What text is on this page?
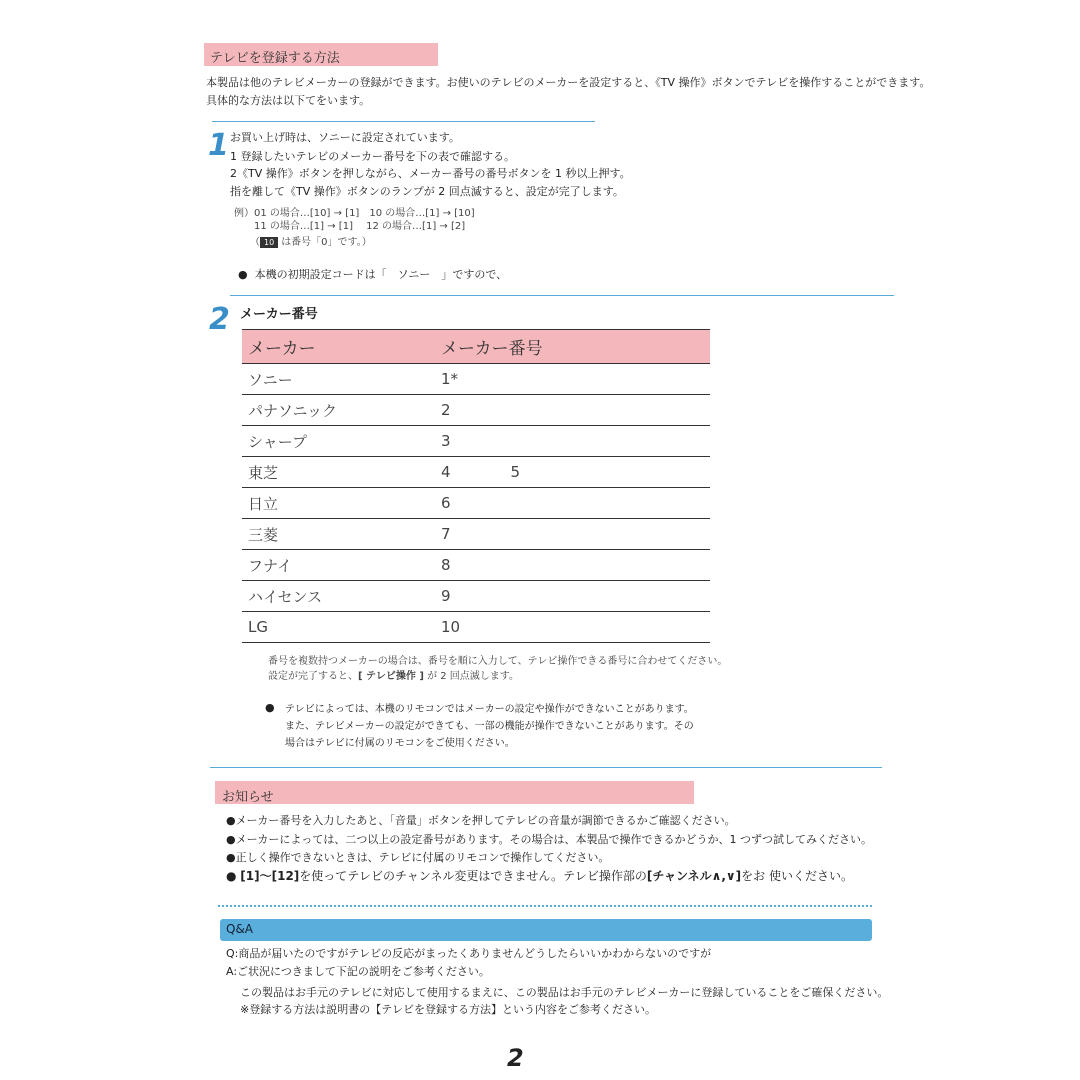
テレビを登録する方法
本製品は他のテレビメーカーの登録ができます。お使いのテレビのメーカーを設定すると、《TV 操作》ボタンでテレビを操作することができます。
具体的な方法は以下てをいます。
1 お買い上げ時は、ソニーに設定されています。
1 登録したいテレビのメーカー番号を下の表で確認する。
2《TV 操作》ボタンを押しながら、メーカー番号の番号ボタンを 1 秒以上押す。
指を離して《TV 操作》ボタンのランプが 2 回点滅すると、設定が完了します。
例）01 の場合…[10] → [1]　10 の場合…[1] → [10]
　　11 の場合…[1] → [1]　 12 の場合…[1] → [2]
（ 10 は番号「0」です。）
●  本機の初期設定コードは「　ソニー　」ですので、
2 メーカー番号
メーカー	メーカー番号
ソニー	1*
パナソニック	2
シャープ	3
東芝	4 5
日立	6
三菱	7
フナイ	8
ハイセンス	9
LG	10
番号を複数持つメーカーの場合は、番号を順に入力して、テレビ操作できる番号に合わせてください。
設定が完了すると、[ テレビ操作 ] が 2 回点滅します。
● テレビによっては、本機のリモコンではメーカーの設定や操作ができないことがあります。
また、テレビメーカーの設定ができても、一部の機能が操作できないことがあります。その
場合はテレビに付属のリモコンをご使用ください。
お知らせ
●メーカー番号を入力したあと、「音量」ボタンを押してテレビの音量が調節できるかご確認ください。
●メーカーによっては、二つ以上の設定番号があります。その場合は、本製品で操作できるかどうか、1 つずつ試してみください。
●正しく操作できないときは、テレビに付属のリモコンで操作してください。
● [1]〜[12]を使ってテレビのチャンネル変更はできません。テレビ操作部の[チャンネル∧,∨]をお 使いください。
Q&A
Q:商品が届いたのですがテレビの反応がまったくありませんどうしたらいいかわからないのですが
A:ご状況につきまして下記の説明をご参考ください。
この製品はお手元のテレビに対応して使用するまえに、この製品はお手元のテレビメーカーに登録していることをご確保ください。
※登録する方法は説明書の【テレビを登録する方法】という内容をご参考ください。
2
